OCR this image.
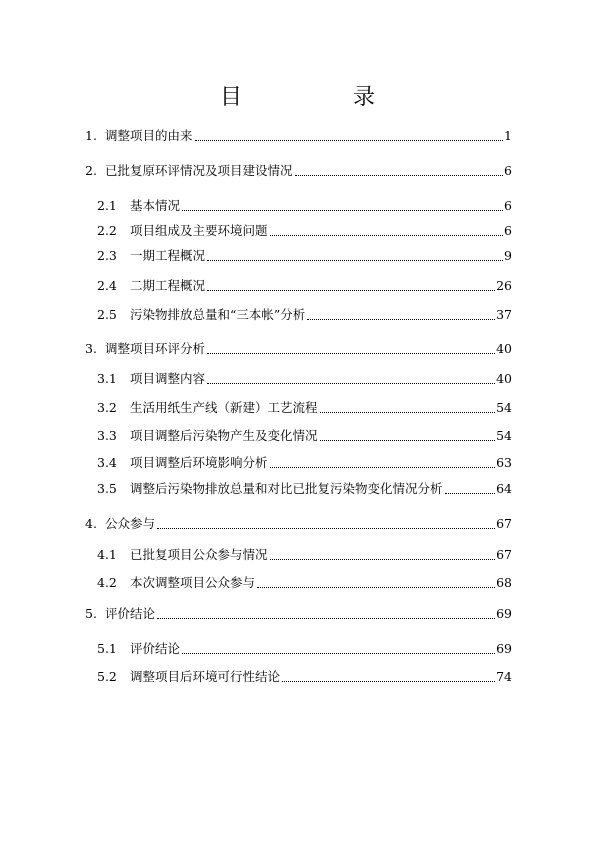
目 录
1. 调整项目的由来	1
2. 已批复原环评情况及项目建设情况	6
2.1	基本情况	6
2.2	项目组成及主要环境问题	6
2.3	一期工程概况	9
2.4	二期工程概况	26
2.5	污染物排放总量和“三本帐”分析	37
3. 调整项目环评分析	40
3.1	项目调整内容	40
3.2	生活用纸生产线（新建）工艺流程	54
3.3	项目调整后污染物产生及变化情况	54
3.4	项目调整后环境影响分析	63
3.5	调整后污染物排放总量和对比已批复污染物变化情况分析	64
4. 公众参与	67
4.1	已批复项目公众参与情况	67
4.2	本次调整项目公众参与	68
5. 评价结论	69
5.1	评价结论	69
5.2	调整项目后环境可行性结论	74
